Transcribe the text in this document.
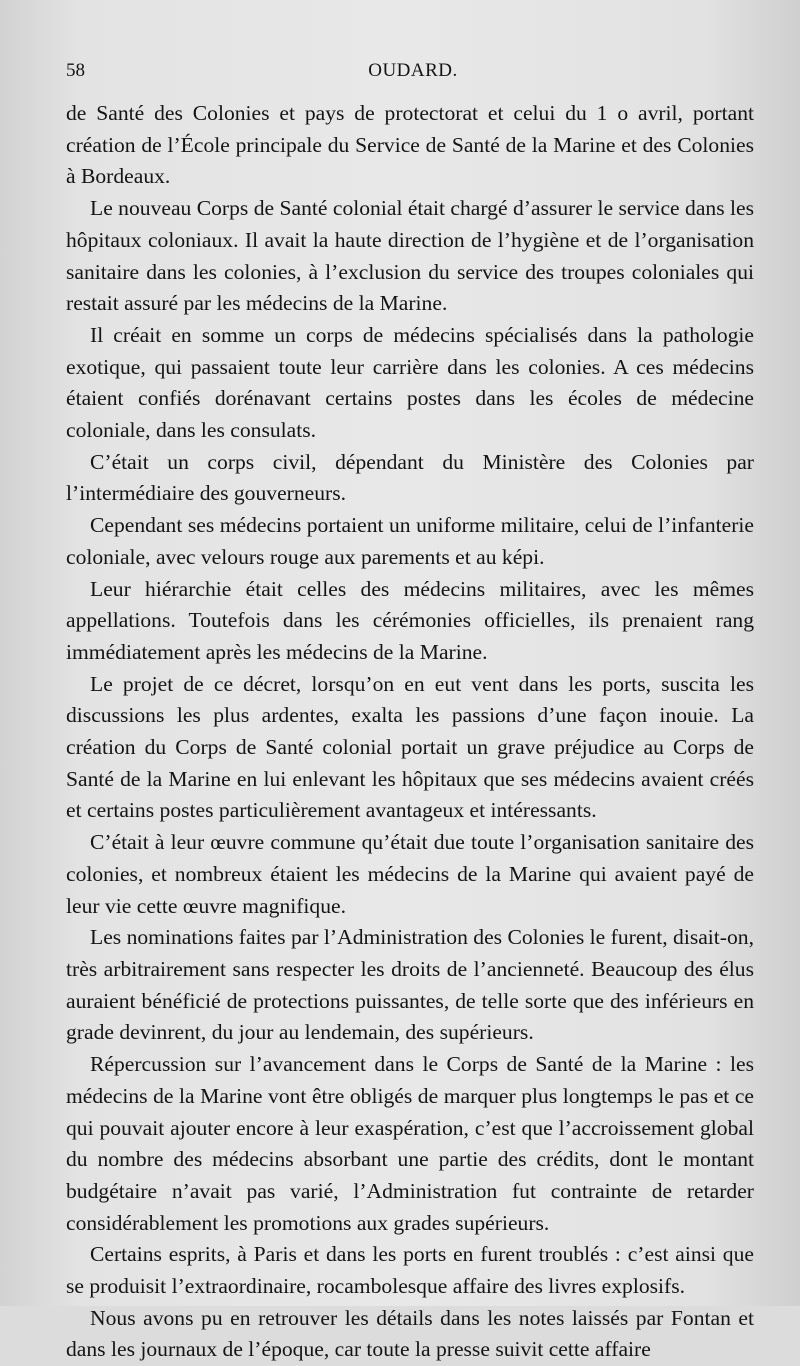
58	OUDARD.

de Santé des Colonies et pays de protectorat et celui du 1 o avril, portant création de l’École principale du Service de Santé de la Marine et des Colonies à Bordeaux.

Le nouveau Corps de Santé colonial était chargé d’assurer le service dans les hôpitaux coloniaux. Il avait la haute direction de l’hygiène et de l’organisation sanitaire dans les colonies, à l’exclusion du service des troupes coloniales qui restait assuré par les médecins de la Marine.

Il créait en somme un corps de médecins spécialisés dans la pathologie exotique, qui passaient toute leur carrière dans les colonies. A ces médecins étaient confiés dorénavant certains postes dans les écoles de médecine coloniale, dans les consulats.

C’était un corps civil, dépendant du Ministère des Colonies par l’intermédiaire des gouverneurs.

Cependant ses médecins portaient un uniforme militaire, celui de l’infanterie coloniale, avec velours rouge aux parements et au képi.

Leur hiérarchie était celles des médecins militaires, avec les mêmes appellations. Toutefois dans les cérémonies officielles, ils prenaient rang immédiatement après les médecins de la Marine.

Le projet de ce décret, lorsqu’on en eut vent dans les ports, suscita les discussions les plus ardentes, exalta les passions d’une façon inouie. La création du Corps de Santé colonial portait un grave préjudice au Corps de Santé de la Marine en lui enlevant les hôpitaux que ses médecins avaient créés et certains postes particulièrement avantageux et intéressants.

C’était à leur œuvre commune qu’était due toute l’organisation sanitaire des colonies, et nombreux étaient les médecins de la Marine qui avaient payé de leur vie cette œuvre magnifique.

Les nominations faites par l’Administration des Colonies le furent, disait-on, très arbitrairement sans respecter les droits de l’ancienneté. Beaucoup des élus auraient bénéficié de protections puissantes, de telle sorte que des inférieurs en grade devinrent, du jour au lendemain, des supérieurs.

Répercussion sur l’avancement dans le Corps de Santé de la Marine : les médecins de la Marine vont être obligés de marquer plus longtemps le pas et ce qui pouvait ajouter encore à leur exaspération, c’est que l’accroissement global du nombre des médecins absorbant une partie des crédits, dont le montant budgétaire n’avait pas varié, l’Administration fut contrainte de retarder considérablement les promotions aux grades supérieurs.

Certains esprits, à Paris et dans les ports en furent troublés : c’est ainsi que se produisit l’extraordinaire, rocambolesque affaire des livres explosifs.

Nous avons pu en retrouver les détails dans les notes laissés par Fontan et dans les journaux de l’époque, car toute la presse suivit cette affaire
